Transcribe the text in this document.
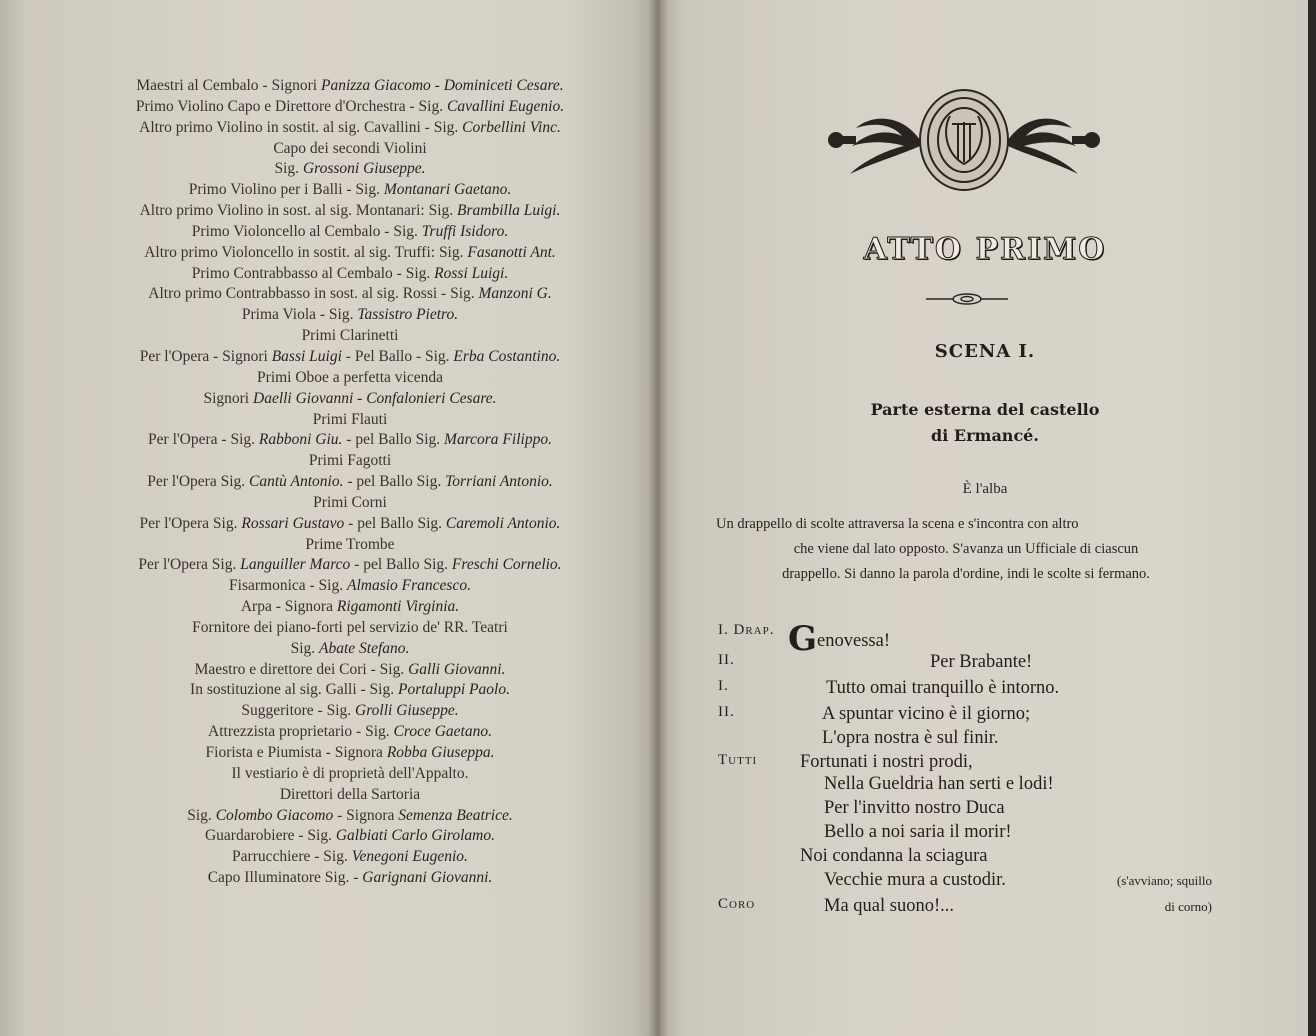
Maestri al Cembalo - Signori Panizza Giacomo - Dominiceti Cesare.
Primo Violino Capo e Direttore d'Orchestra - Sig. Cavallini Eugenio.
Altro primo Violino in sostit. al sig. Cavallini - Sig. Corbellini Vinc.
Capo dei secondi Violini
Sig. Grossoni Giuseppe.
Primo Violino per i Balli - Sig. Montanari Gaetano.
Altro primo Violino in sost. al sig. Montanari: Sig. Brambilla Luigi.
Primo Violoncello al Cembalo - Sig. Truffi Isidoro.
Altro primo Violoncello in sostit. al sig. Truffi: Sig. Fasanotti Ant.
Primo Contrabbasso al Cembalo - Sig. Rossi Luigi.
Altro primo Contrabbasso in sost. al sig. Rossi - Sig. Manzoni G.
Prima Viola - Sig. Tassistro Pietro.
Primi Clarinetti
Per l'Opera - Signori Bassi Luigi - Pel Ballo - Sig. Erba Costantino.
Primi Oboe a perfetta vicenda
Signori Daelli Giovanni - Confalonieri Cesare.
Primi Flauti
Per l'Opera - Sig. Rabboni Giu. - pel Ballo Sig. Marcora Filippo.
Primi Fagotti
Per l'Opera Sig. Cantù Antonio. - pel Ballo Sig. Torriani Antonio.
Primi Corni
Per l'Opera Sig. Rossari Gustavo - pel Ballo Sig. Caremoli Antonio.
Prime Trombe
Per l'Opera Sig. Languiller Marco - pel Ballo Sig. Freschi Cornelio.
Fisarmonica - Sig. Almasio Francesco.
Arpa - Signora Rigamonti Virginia.
Fornitore dei piano-forti pel servizio de' RR. Teatri
Sig. Abate Stefano.
Maestro e direttore dei Cori - Sig. Galli Giovanni.
In sostituzione al sig. Galli - Sig. Portaluppi Paolo.
Suggeritore - Sig. Grolli Giuseppe.
Attrezzista proprietario - Sig. Croce Gaetano.
Fiorista e Piumista - Signora Robba Giuseppa.
Il vestiario è di proprietà dell'Appalto.
Direttori della Sartoria
Sig. Colombo Giacomo - Signora Semenza Beatrice.
Guardarobiere - Sig. Galbiati Carlo Girolamo.
Parrucchiere - Sig. Venegoni Eugenio.
Capo Illuminatore Sig. - Garignani Giovanni.
ATTO PRIMO
SCENA I.
Parte esterna del castello
di Ermancé.
È l'alba
Un drappello di scolte attraversa la scena e s'incontra con altro
che viene dal lato opposto. S'avanza un Ufficiale di ciascun
drappello. Si danno la parola d'ordine, indi le scolte si fermano.
I. Drap. Genovessa!
II.	Per Brabante!
I.	Tutto omai tranquillo è intorno.
II.	A spuntar vicino è il giorno;
L'opra nostra è sul finir.
Tutti Fortunati i nostri prodi,
Nella Gueldria han serti e lodi!
Per l'invitto nostro Duca
Bello a noi saria il morir!
Noi condanna la sciagura
Vecchie mura a custodir.	(s'avviano; squillo
Coro	Ma qual suono!...	di corno)
